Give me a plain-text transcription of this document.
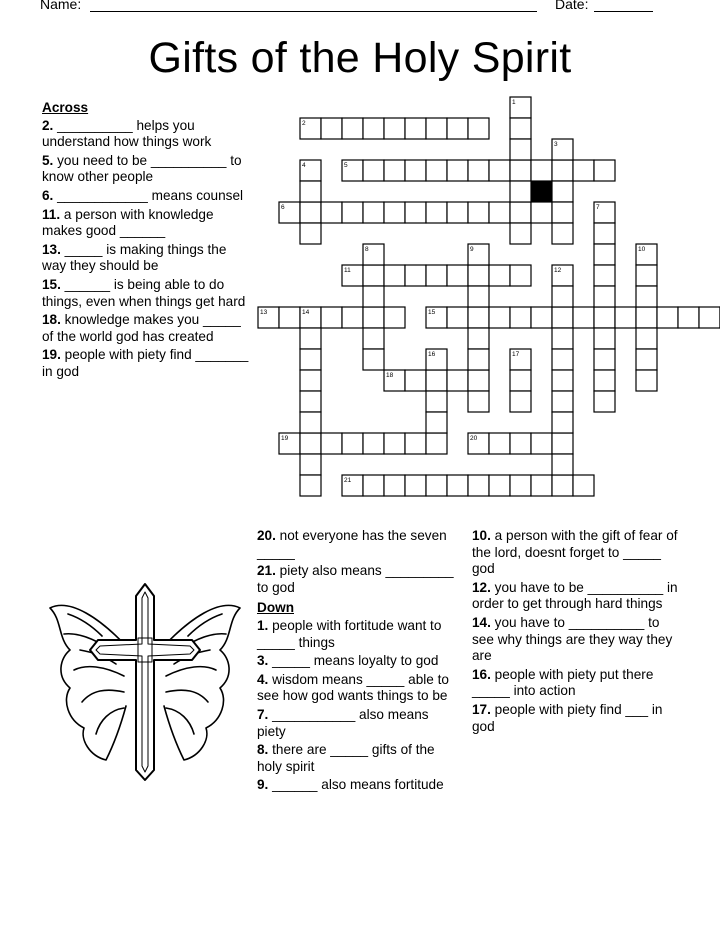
Name:	Date:
Gifts of the Holy Spirit
1
2
3
4	5
6	7
8	9	10
11	12
13	14	15
16	17
18
19	20
21
Across
2. __________ helps you understand how things work
5. you need to be __________ to know other people
6. ____________ means counsel
11. a person with knowledge makes good ______
13. _____ is making things the way they should be
15. ______ is being able to do things, even when things get hard
18. knowledge makes you _____ of the world god has created
19. people with piety find _______ in god
20. not everyone has the seven _____
21. piety also means _________ to god
Down
1. people with fortitude want to _____ things
3. _____ means loyalty to god
4. wisdom means _____ able to see how god wants things to be
7. ___________ also means piety
8. there are _____ gifts of the holy spirit
9. ______ also means fortitude
10. a person with the gift of fear of the lord, doesnt forget to _____ god
12. you have to be __________ in order to get through hard things
14. you have to __________ to see why things are they way they are
16. people with piety put there _____ into action
17. people with piety find ___ in god
